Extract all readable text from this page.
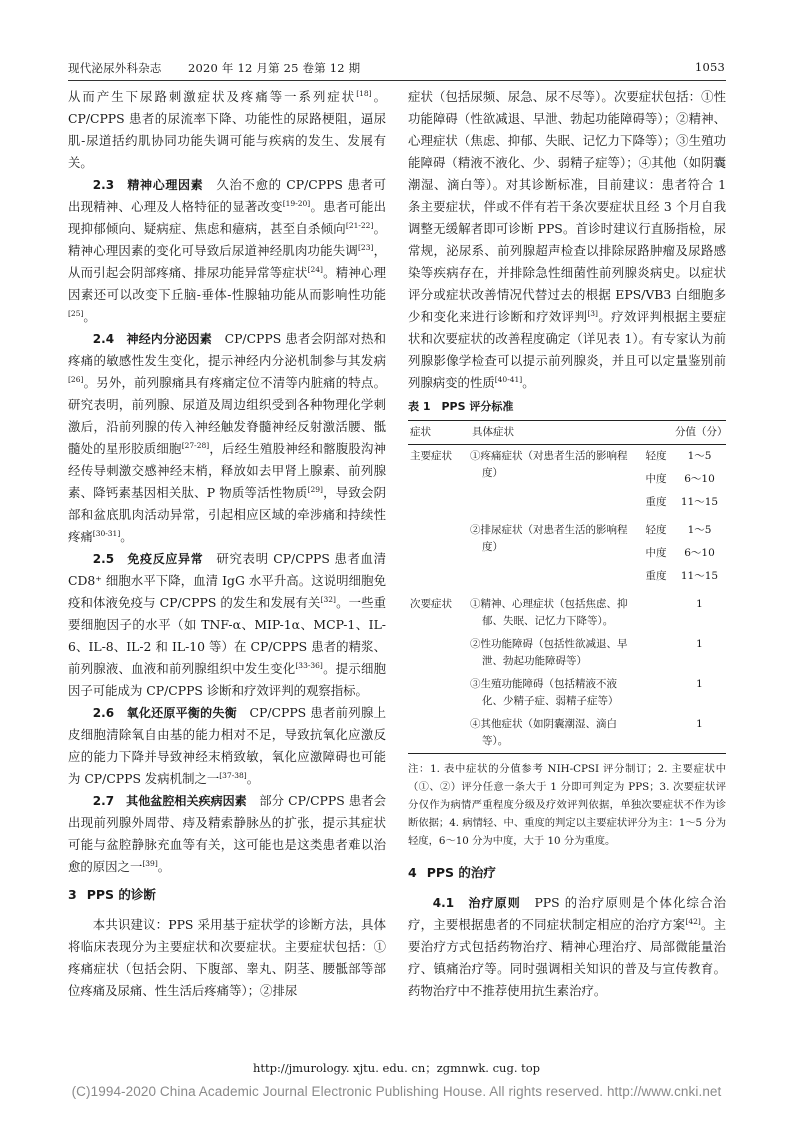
现代泌尿外科杂志 2020 年 12 月第 25 卷第 12 期	1053

从而产生下尿路刺激症状及疼痛等一系列症状[18]。CP/CPPS 患者的尿流率下降、功能性的尿路梗阻，逼尿肌-尿道括约肌协同功能失调可能与疾病的发生、发展有关。

2.3　精神心理因素　久治不愈的 CP/CPPS 患者可出现精神、心理及人格特征的显著改变[19-20]。患者可能出现抑郁倾向、疑病症、焦虑和癔病，甚至自杀倾向[21-22]。精神心理因素的变化可导致后尿道神经肌肉功能失调[23]，从而引起会阴部疼痛、排尿功能异常等症状[24]。精神心理因素还可以改变下丘脑-垂体-性腺轴功能从而影响性功能[25]。

2.4　神经内分泌因素　CP/CPPS 患者会阴部对热和疼痛的敏感性发生变化，提示神经内分泌机制参与其发病[26]。另外，前列腺痛具有疼痛定位不清等内脏痛的特点。研究表明，前列腺、尿道及周边组织受到各种物理化学刺激后，沿前列腺的传入神经触发脊髓神经反射激活腰、骶髓处的星形胶质细胞[27-28]，后经生殖股神经和髂腹股沟神经传导刺激交感神经末梢，释放如去甲肾上腺素、前列腺素、降钙素基因相关肽、P 物质等活性物质[29]，导致会阴部和盆底肌肉活动异常，引起相应区域的牵涉痛和持续性疼痛[30-31]。

2.5　免疫反应异常　研究表明 CP/CPPS 患者血清 CD8⁺ 细胞水平下降，血清 IgG 水平升高。这说明细胞免疫和体液免疫与 CP/CPPS 的发生和发展有关[32]。一些重要细胞因子的水平（如 TNF-α、MIP-1α、MCP-1、IL-6、IL-8、IL-2 和 IL-10 等）在 CP/CPPS 患者的精浆、前列腺液、血液和前列腺组织中发生变化[33-36]。提示细胞因子可能成为 CP/CPPS 诊断和疗效评判的观察指标。

2.6　氧化还原平衡的失衡　CP/CPPS 患者前列腺上皮细胞清除氧自由基的能力相对不足，导致抗氧化应激反应的能力下降并导致神经末梢致敏，氧化应激障碍也可能为 CP/CPPS 发病机制之一[37-38]。

2.7　其他盆腔相关疾病因素　部分 CP/CPPS 患者会出现前列腺外周带、痔及精索静脉丛的扩张，提示其症状可能与盆腔静脉充血等有关，这可能也是这类患者难以治愈的原因之一[39]。

3 PPS 的诊断

本共识建议：PPS 采用基于症状学的诊断方法，具体将临床表现分为主要症状和次要症状。主要症状包括：①疼痛症状（包括会阴、下腹部、睾丸、阴茎、腰骶部等部位疼痛及尿痛、性生活后疼痛等）；②排尿

症状（包括尿频、尿急、尿不尽等）。次要症状包括：①性功能障碍（性欲减退、早泄、勃起功能障碍等）；②精神、心理症状（焦虑、抑郁、失眠、记忆力下降等）；③生殖功能障碍（精液不液化、少、弱精子症等）；④其他（如阴囊潮湿、滴白等）。对其诊断标准，目前建议：患者符合 1 条主要症状，伴或不伴有若干条次要症状且经 3 个月自我调整无缓解者即可诊断 PPS。首诊时建议行直肠指检，尿常规，泌尿系、前列腺超声检查以排除尿路肿瘤及尿路感染等疾病存在，并排除急性细菌性前列腺炎病史。以症状评分或症状改善情况代替过去的根据 EPS/VB3 白细胞多少和变化来进行诊断和疗效评判[3]。疗效评判根据主要症状和次要症状的改善程度确定（详见表 1）。有专家认为前列腺影像学检查可以提示前列腺炎，并且可以定量鉴别前列腺病变的性质[40-41]。

表 1　PPS 评分标准
症状	具体症状		分值（分）
主要症状	①疼痛症状（对患者生活的影响程度）	轻度	1～5
		中度	6～10
		重度	11～15
	②排尿症状（对患者生活的影响程度）	轻度	1～5
		中度	6～10
		重度	11～15
次要症状	①精神、心理症状（包括焦虑、抑郁、失眠、记忆力下降等）。		1
	②性功能障碍（包括性欲减退、早泄、勃起功能障碍等）		1
	③生殖功能障碍（包括精液不液化、少精子症、弱精子症等）		1
	④其他症状（如阴囊潮湿、滴白等）。		1
注：1. 表中症状的分值参考 NIH-CPSI 评分制订；2. 主要症状中（①、②）评分任意一条大于 1 分即可判定为 PPS；3. 次要症状评分仅作为病情严重程度分级及疗效评判依据，单独次要症状不作为诊断依据；4. 病情轻、中、重度的判定以主要症状评分为主：1～5 分为轻度，6～10 分为中度，大于 10 分为重度。
4 PPS 的治疗

4.1　治疗原则　PPS 的治疗原则是个体化综合治疗，主要根据患者的不同症状制定相应的治疗方案[42]。主要治疗方式包括药物治疗、精神心理治疗、局部微能量治疗、镇痛治疗等。同时强调相关知识的普及与宣传教育。药物治疗中不推荐使用抗生素治疗。

http://jmurology. xjtu. edu. cn；zgmnwk. cug. top
(C)1994-2020 China Academic Journal Electronic Publishing House. All rights reserved. http://www.cnki.net
